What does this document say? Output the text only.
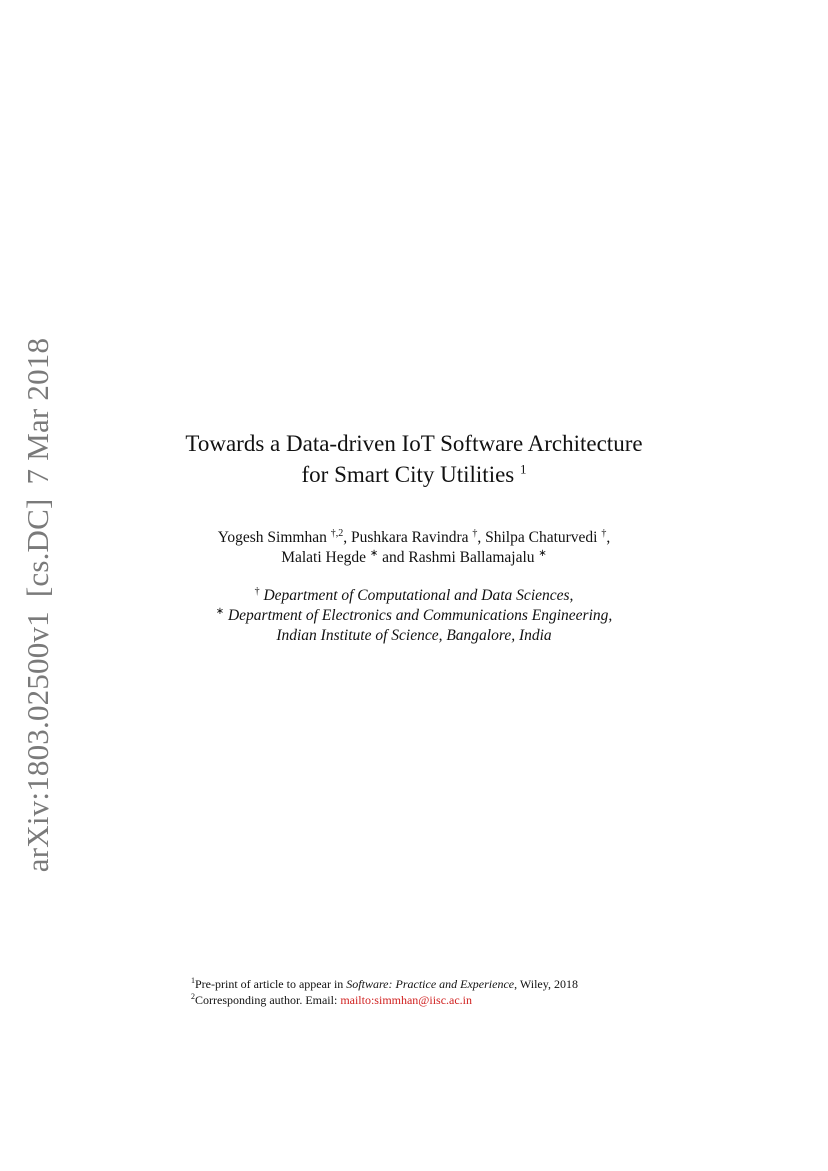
arXiv:1803.02500v1[cs.DC]7 Mar 2018	Towards a Data-driven IoT Software Architecture
for Smart City Utilities $^1$
Yogesh Simmhan $^{\dagger,2}$, Pushkara Ravindra †, Shilpa Chaturvedi †,
Malati Hegde ∗ and Rashmi Ballamajalu ∗
† Department of Computational and Data Sciences,
∗ Department of Electronics and Communications Engineering,
Indian Institute of Science, Bangalore, India
$^1$Pre-print of article to appear in Software: Practice and Experience, Wiley, 2018
$^2$Corresponding author. Email: mailto:simmhan@iisc.ac.in
